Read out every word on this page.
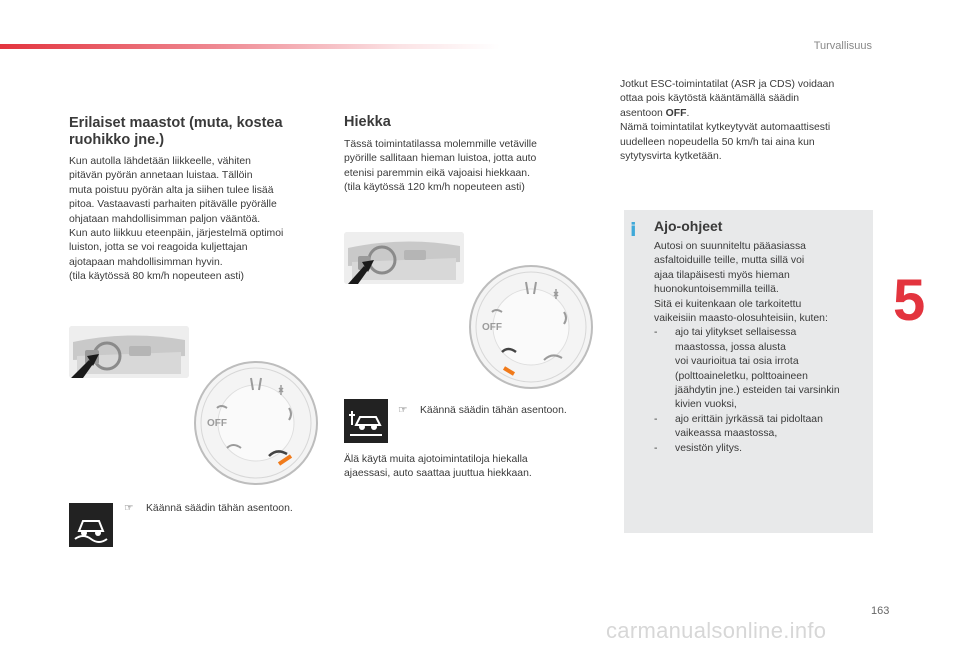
Turvallisuus
5
Erilaiset maastot (muta, kostea
ruohikko jne.)
Kun autolla lähdetään liikkeelle, vähiten
pitävän pyörän annetaan luistaa. Tällöin
muta poistuu pyörän alta ja siihen tulee lisää
pitoa. Vastaavasti parhaiten pitävälle pyörälle
ohjataan mahdollisimman paljon vääntöä.
Kun auto liikkuu eteenpäin, järjestelmä optimoi
luiston, jotta se voi reagoida kuljettajan
ajotapaan mahdollisimman hyvin.
(tila käytössä 80 km/h nopeuteen asti)
OFF
☞ Käännä säädin tähän asentoon.
Hiekka
Tässä toimintatilassa molemmille vetäville
pyörille sallitaan hieman luistoa, jotta auto
etenisi paremmin eikä vajoaisi hiekkaan.
(tila käytössä 120 km/h nopeuteen asti)
OFF
☞ Käännä säädin tähän asentoon.
Älä käytä muita ajotoimintatiloja hiekalla
ajaessasi, auto saattaa juuttua hiekkaan.
Jotkut ESC-toimintatilat (ASR ja CDS) voidaan
ottaa pois käytöstä kääntämällä säädin
asentoon OFF.
Nämä toimintatilat kytkeytyvät automaattisesti
uudelleen nopeudella 50 km/h tai aina kun
sytytysvirta kytketään.
i Ajo-ohjeet
Autosi on suunniteltu pääasiassa
asfaltoiduille teille, mutta sillä voi
ajaa tilapäisesti myös hieman
huonokuntoisemmilla teillä.
Sitä ei kuitenkaan ole tarkoitettu
vaikeisiin maasto-olosuhteisiin, kuten:
-	ajo tai ylitykset sellaisessa
maastossa, jossa alusta
voi vaurioitua tai osia irrota
(polttoaineletku, polttoaineen
jäähdytin jne.) esteiden tai varsinkin
kivien vuoksi,
-	ajo erittäin jyrkässä tai pidoltaan
vaikeassa maastossa,
-	vesistön ylitys.
163
carmanualsonline.info
